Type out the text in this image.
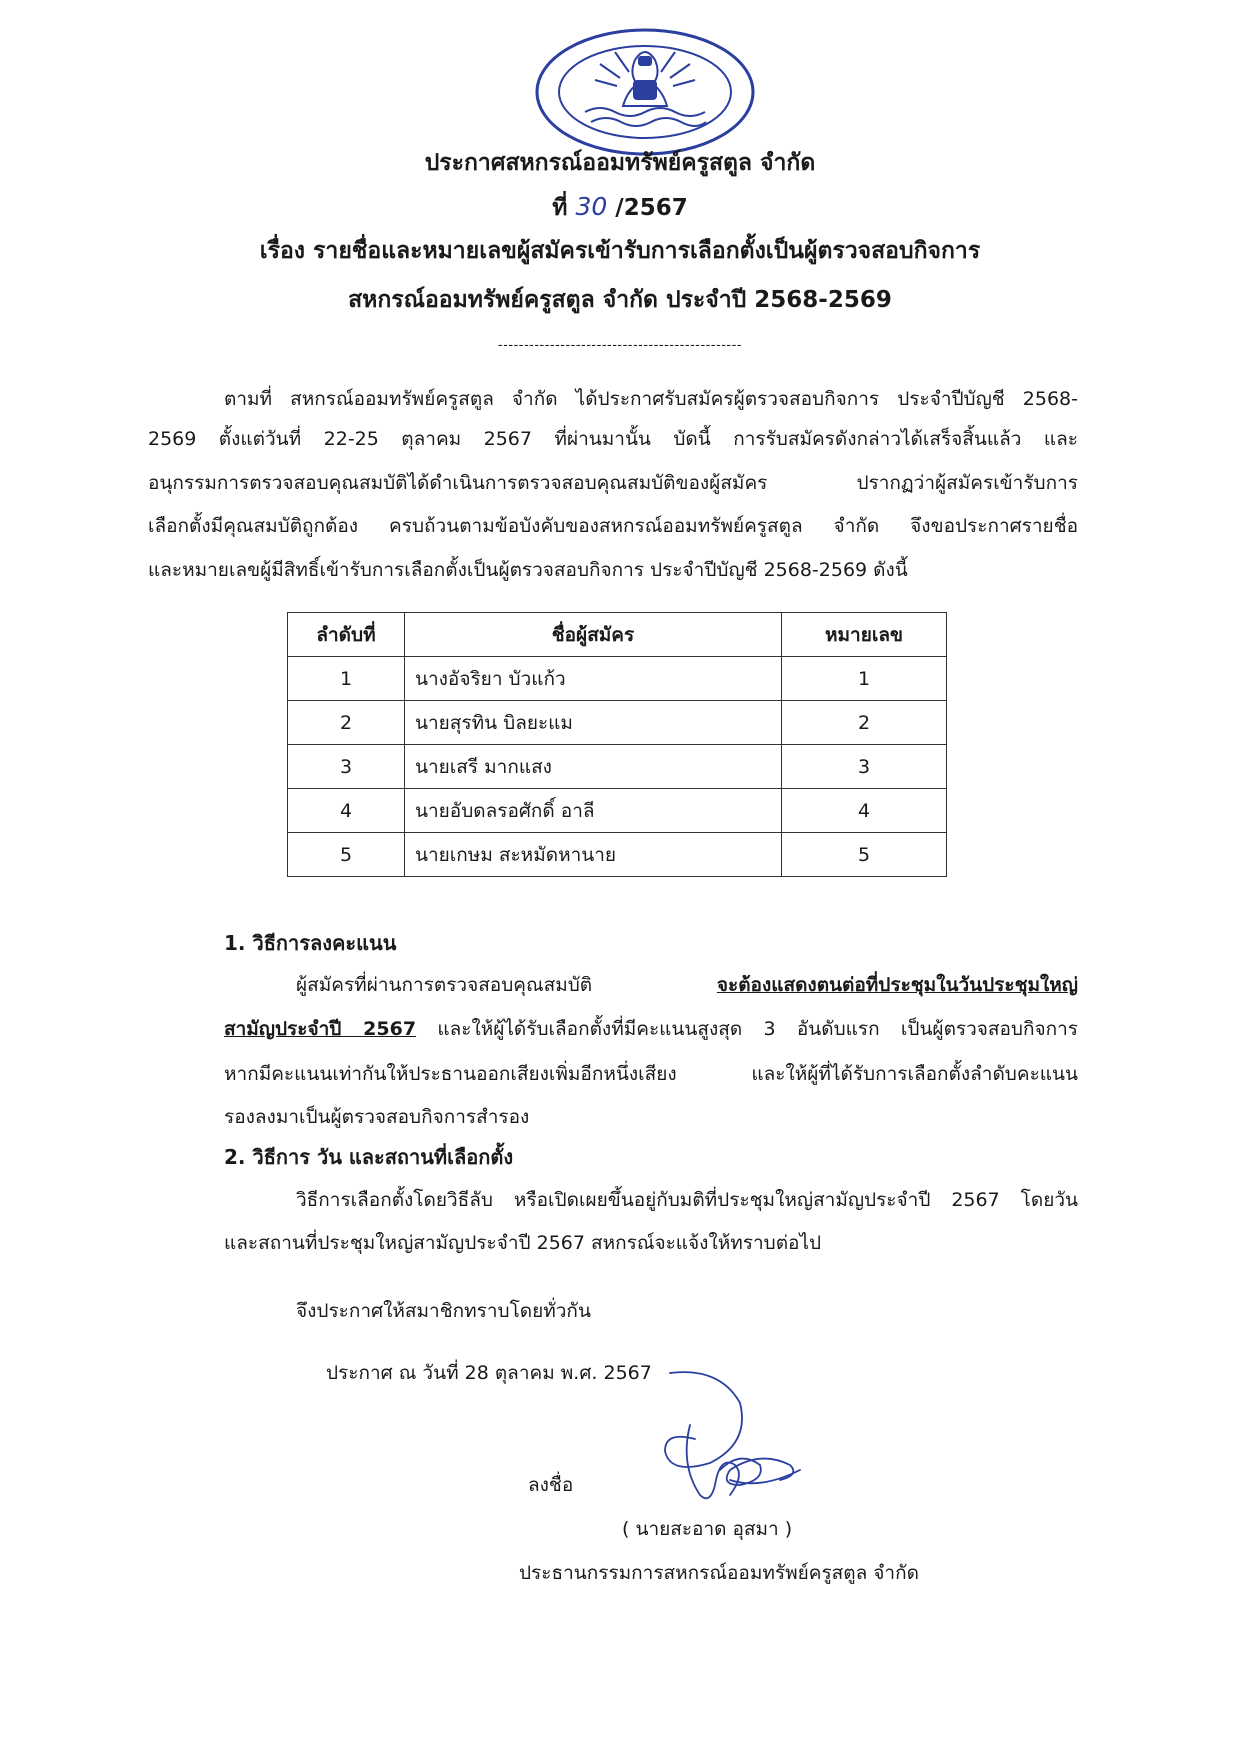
ประกาศสหกรณ์ออมทรัพย์ครูสตูล จำกัด
ที่ 30 /2567
เรื่อง รายชื่อและหมายเลขผู้สมัครเข้ารับการเลือกตั้งเป็นผู้ตรวจสอบกิจการ
สหกรณ์ออมทรัพย์ครูสตูล จำกัด ประจำปี 2568-2569
-----------------------------------------------
ตามที่ สหกรณ์ออมทรัพย์ครูสตูล จำกัด ได้ประกาศรับสมัครผู้ตรวจสอบกิจการ ประจำปีบัญชี 2568-
2569 ตั้งแต่วันที่ 22-25 ตุลาคม 2567 ที่ผ่านมานั้น บัดนี้ การรับสมัครดังกล่าวได้เสร็จสิ้นแล้ว และ
อนุกรรมการตรวจสอบคุณสมบัติได้ดำเนินการตรวจสอบคุณสมบัติของผู้สมัคร ปรากฏว่าผู้สมัครเข้ารับการ
เลือกตั้งมีคุณสมบัติถูกต้อง ครบถ้วนตามข้อบังคับของสหกรณ์ออมทรัพย์ครูสตูล จำกัด จึงขอประกาศรายชื่อ
และหมายเลขผู้มีสิทธิ์เข้ารับการเลือกตั้งเป็นผู้ตรวจสอบกิจการ ประจำปีบัญชี 2568-2569 ดังนี้
ลำดับที่	ชื่อผู้สมัคร	หมายเลข
1	นางอัจริยา บัวแก้ว	1
2	นายสุรทิน บิลยะแม	2
3	นายเสรี มากแสง	3
4	นายอับดลรอศักดิ์ อาลี	4
5	นายเกษม สะหมัดหานาย	5
1. วิธีการลงคะแนน
ผู้สมัครที่ผ่านการตรวจสอบคุณสมบัติ จะต้องแสดงตนต่อที่ประชุมในวันประชุมใหญ่
สามัญประจำปี 2567 และให้ผู้ได้รับเลือกตั้งที่มีคะแนนสูงสุด 3 อันดับแรก เป็นผู้ตรวจสอบกิจการ
หากมีคะแนนเท่ากันให้ประธานออกเสียงเพิ่มอีกหนึ่งเสียง และให้ผู้ที่ได้รับการเลือกตั้งลำดับคะแนน
รองลงมาเป็นผู้ตรวจสอบกิจการสำรอง
2. วิธีการ วัน และสถานที่เลือกตั้ง
วิธีการเลือกตั้งโดยวิธีลับ หรือเปิดเผยขึ้นอยู่กับมติที่ประชุมใหญ่สามัญประจำปี 2567 โดยวัน
และสถานที่ประชุมใหญ่สามัญประจำปี 2567 สหกรณ์จะแจ้งให้ทราบต่อไป
จึงประกาศให้สมาชิกทราบโดยทั่วกัน
ประกาศ ณ วันที่ 28 ตุลาคม พ.ศ. 2567
ลงชื่อ
( นายสะอาด อุสมา )
ประธานกรรมการสหกรณ์ออมทรัพย์ครูสตูล จำกัด
